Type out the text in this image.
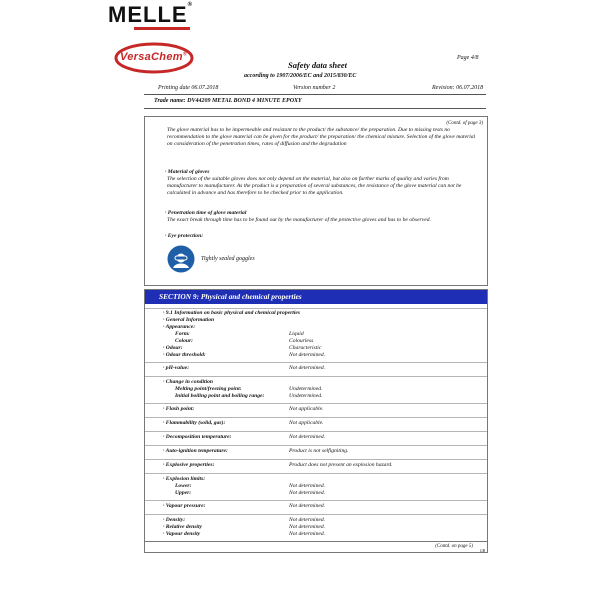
MELLE®
VersaChem®
Page 4/8
Safety data sheet
according to 1907/2006/EC and 2015/830/EC
Printing date 06.07.2018	Version number 2	Revision: 06.07.2018
Trade name: DV44209 METAL BOND 4 MINUTE EPOXY
(Contd. of page 3)
The glove material has to be impermeable and resistant to the product/ the substance/ the preparation. Due to missing tests no recommendation to the glove material can be given for the product/ the preparation/ the chemical mixture. Selection of the glove material on consideration of the penetration times, rates of diffusion and the degradation
· Material of gloves
The selection of the suitable gloves does not only depend on the material, but also on further marks of quality and varies from manufacturer to manufacturer. As the product is a preparation of several substances, the resistance of the glove material can not be calculated in advance and has therefore to be checked prior to the application.
· Penetration time of glove material
The exact break through time has to be found out by the manufacturer of the protective gloves and has to be observed.
· Eye protection:
Tightly sealed goggles
SECTION 9: Physical and chemical properties
· 9.1 Information on basic physical and chemical properties
· General Information
· Appearance:
Form:	Liquid
Colour:	Colourless
· Odour:	Characteristic
· Odour threshold:	Not determined.
· pH-value:	Not determined.
· Change in condition
Melting point/freezing point:	Undetermined.
Initial boiling point and boiling range:	Undetermined.
· Flash point:	Not applicable.
· Flammability (solid, gas):	Not applicable.
· Decomposition temperature:	Not determined.
· Auto-ignition temperature:	Product is not selfigniting.
· Explosive properties:	Product does not present an explosion hazard.
· Explosion limits:
Lower:	Not determined.
Upper:	Not determined.
· Vapour pressure:	Not determined.
· Density:	Not determined.
· Relative density	Not determined.
· Vapour density	Not determined.
(Contd. on page 5)
GB
